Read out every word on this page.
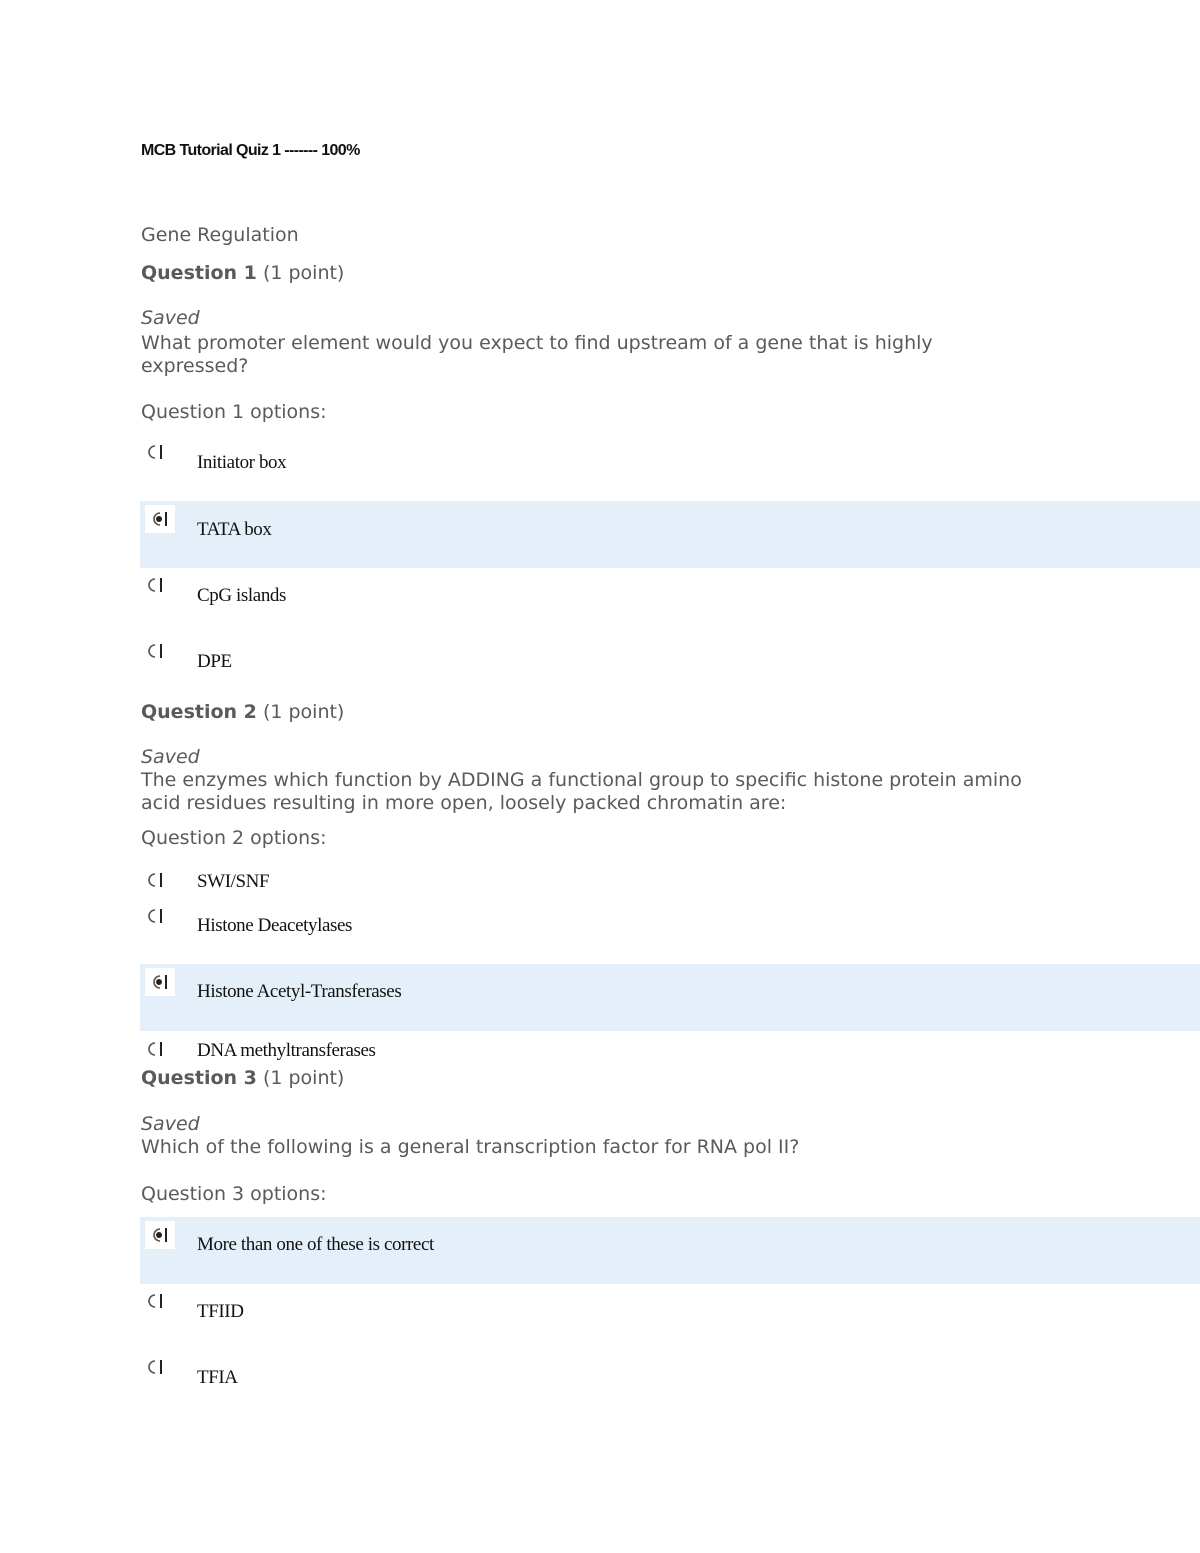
MCB Tutorial Quiz 1 ------- 100%
Gene Regulation
Question 1 (1 point)
Saved
What promoter element would you expect to find upstream of a gene that is highly expressed?
Question 1 options:
Initiator box
TATA box
CpG islands
DPE
Question 2 (1 point)
Saved
The enzymes which function by ADDING a functional group to specific histone protein amino acid residues resulting in more open, loosely packed chromatin are:
Question 2 options:
SWI/SNF
Histone Deacetylases
Histone Acetyl-Transferases
DNA methyltransferases
Question 3 (1 point)
Saved
Which of the following is a general transcription factor for RNA pol II?
Question 3 options:
More than one of these is correct
TFIID
TFIA
